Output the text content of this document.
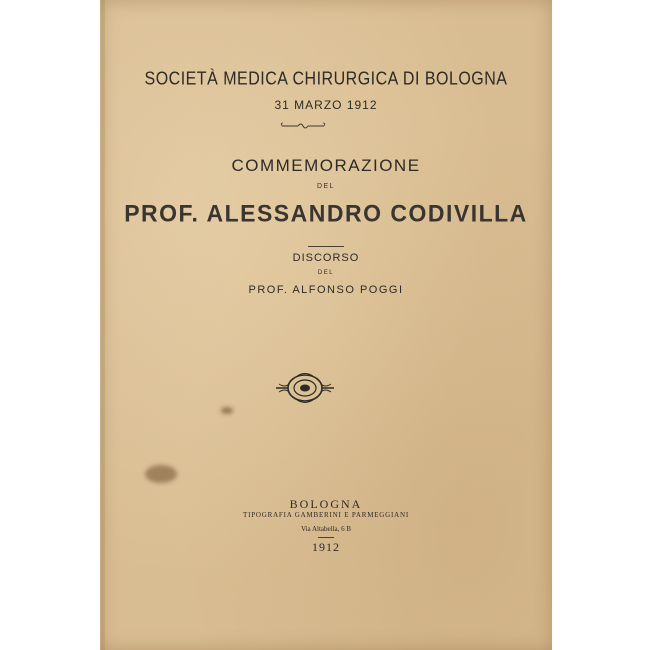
SOCIETÀ MEDICA CHIRURGICA DI BOLOGNA
31 MARZO 1912
COMMEMORAZIONE
DEL
PROF. ALESSANDRO CODIVILLA
DISCORSO
DEL
PROF. ALFONSO POGGI
BOLOGNA
TIPOGRAFIA GAMBERINI E PARMEGGIANI
Via Altabella, 6 B
1912
